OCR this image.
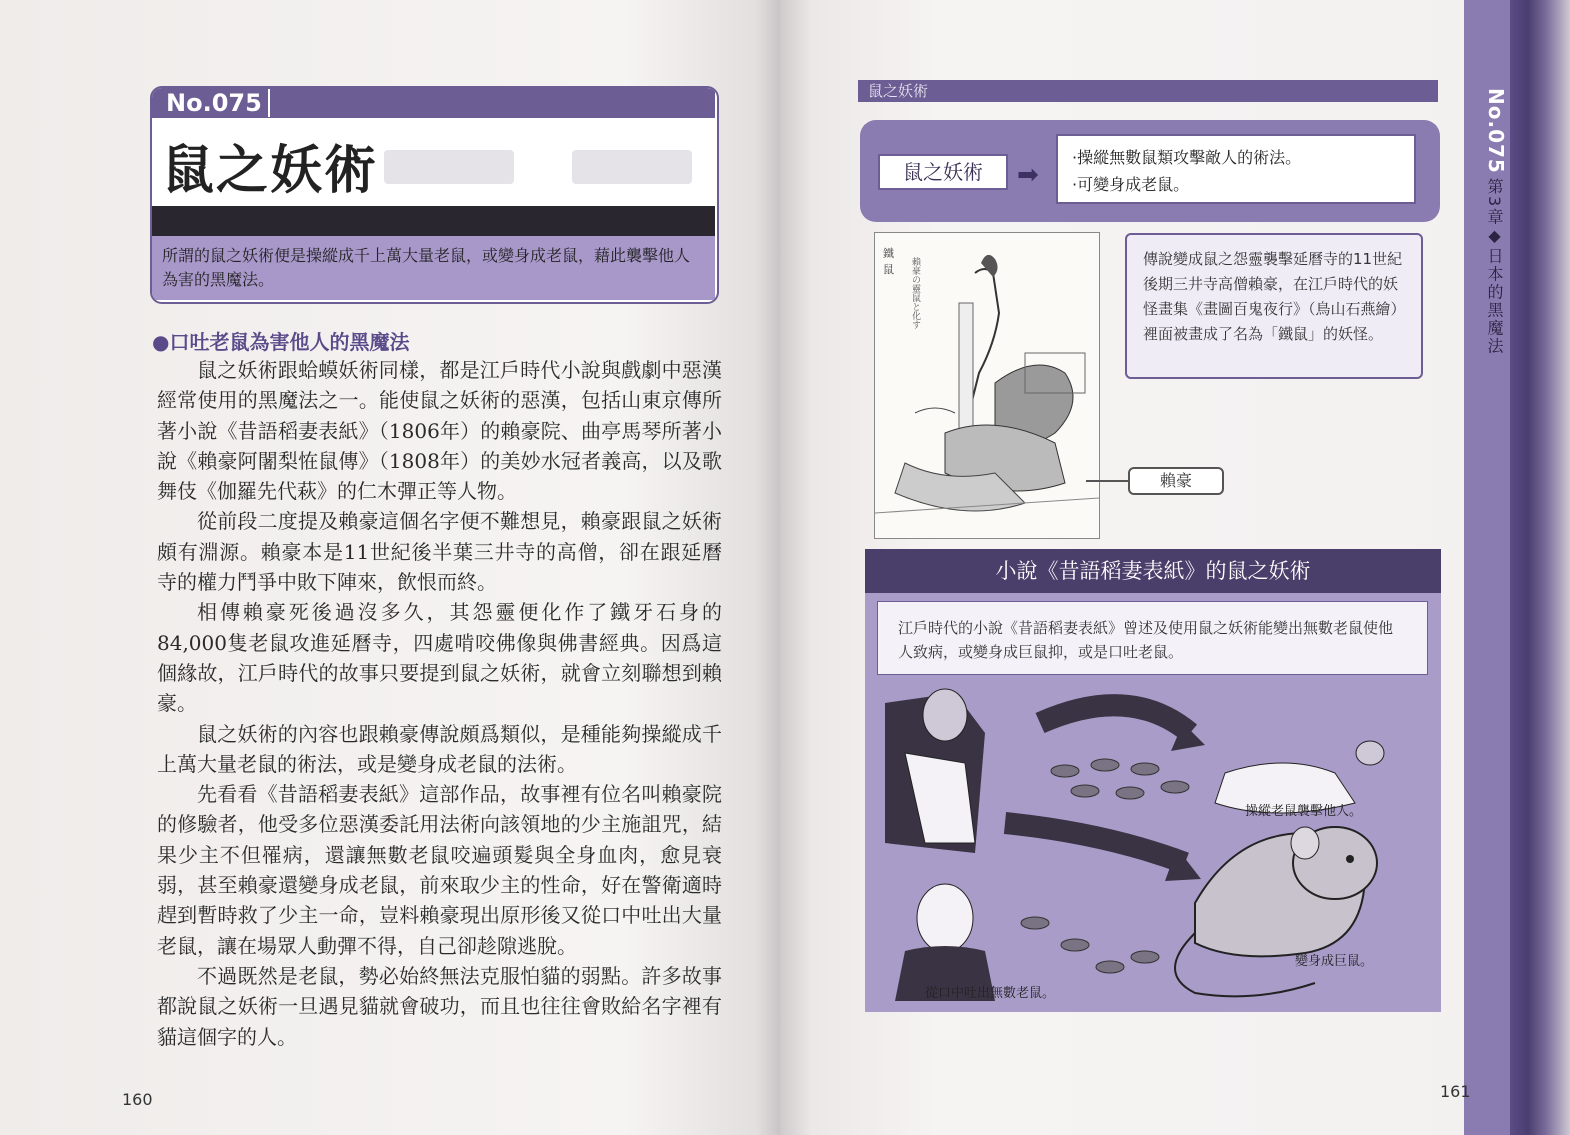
No.075
鼠之妖術
所謂的鼠之妖術便是操縱成千上萬大量老鼠，或變身成老鼠，藉此襲擊他人為害的黑魔法。
●口吐老鼠為害他人的黑魔法

鼠之妖術跟蛤蟆妖術同樣，都是江戶時代小說與戲劇中惡漢經常使用的黑魔法之一。能使鼠之妖術的惡漢，包括山東京傳所著小說《昔語稻妻表紙》（1806年）的賴豪院、曲亭馬琴所著小說《賴豪阿闍梨恠鼠傳》（1808年）的美妙水冠者義高，以及歌舞伎《伽羅先代萩》的仁木彈正等人物。

從前段二度提及賴豪這個名字便不難想見，賴豪跟鼠之妖術頗有淵源。賴豪本是11世紀後半葉三井寺的高僧，卻在跟延曆寺的權力鬥爭中敗下陣來，飲恨而終。

相傳賴豪死後過沒多久，其怨靈便化作了鐵牙石身的84,000隻老鼠攻進延曆寺，四處啃咬佛像與佛書經典。因爲這個緣故，江戶時代的故事只要提到鼠之妖術，就會立刻聯想到賴豪。

鼠之妖術的內容也跟賴豪傳說頗爲類似，是種能夠操縱成千上萬大量老鼠的術法，或是變身成老鼠的法術。

先看看《昔語稻妻表紙》這部作品，故事裡有位名叫賴豪院的修驗者，他受多位惡漢委託用法術向該領地的少主施詛咒，結果少主不但罹病，還讓無數老鼠咬遍頭髮與全身血肉，愈見衰弱，甚至賴豪還變身成老鼠，前來取少主的性命，好在警衛適時趕到暫時救了少主一命，豈料賴豪現出原形後又從口中吐出大量老鼠，讓在場眾人動彈不得，自己卻趁隙逃脫。

不過既然是老鼠，勢必始終無法克服怕貓的弱點。許多故事都說鼠之妖術一旦遇見貓就會破功，而且也往往會敗給名字裡有貓這個字的人。

160
鼠之妖術	No.075
第3章◆日本的黑魔法
鼠之妖術	➡
·操縱無數鼠類攻擊敵人的術法。
·可變身成老鼠。
鐵
鼠 賴豪の靈鼠と化す	傳說變成鼠之怨靈襲擊延曆寺的11世紀後期三井寺高僧賴豪，在江戶時代的妖怪畫集《畫圖百鬼夜行》（鳥山石燕繪）裡面被畫成了名為「鐵鼠」的妖怪。
賴豪
小說《昔語稻妻表紙》的鼠之妖術
江戶時代的小說《昔語稻妻表紙》曾述及使用鼠之妖術能變出無數老鼠使他人致病，或變身成巨鼠抑，或是口吐老鼠。
操縱老鼠襲擊他人。
變身成巨鼠。
從口中吐出無數老鼠。
161
